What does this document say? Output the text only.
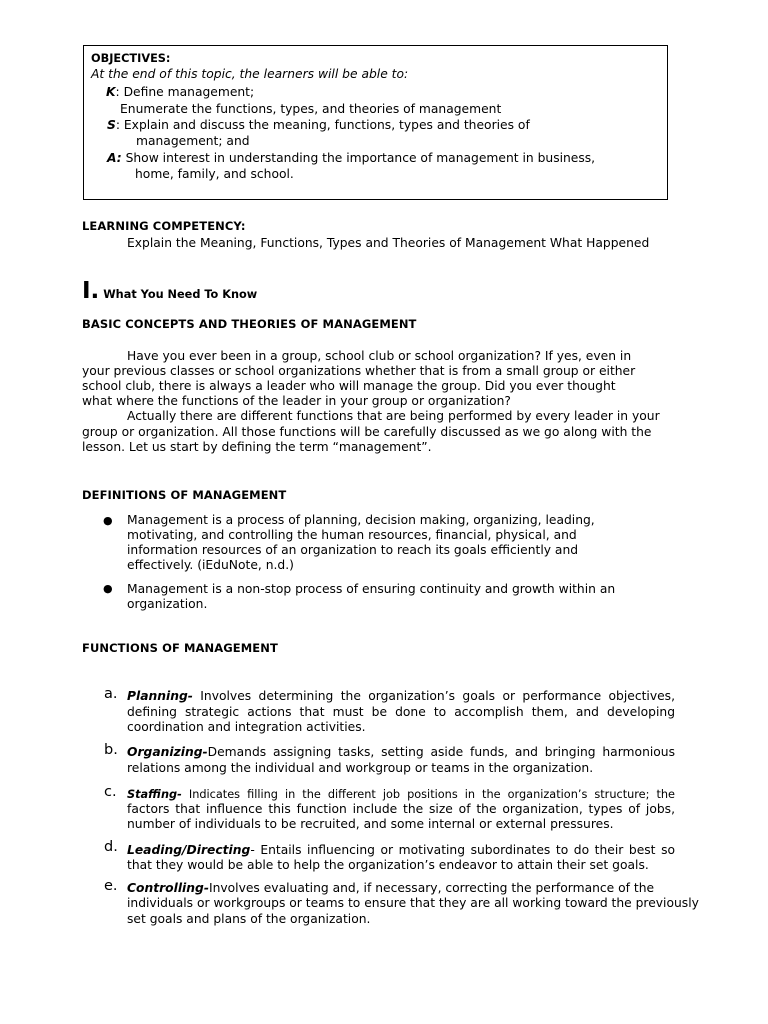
OBJECTIVES:
At the end of this topic, the learners will be able to:
K: Define management;
Enumerate the functions, types, and theories of management
S: Explain and discuss the meaning, functions, types and theories of
management; and
A: Show interest in understanding the importance of management in business,
home, family, and school.
LEARNING COMPETENCY:
Explain the Meaning, Functions, Types and Theories of Management What Happened
I. What You Need To Know
BASIC CONCEPTS AND THEORIES OF MANAGEMENT
Have you ever been in a group, school club or school organization? If yes, even in
your previous classes or school organizations whether that is from a small group or either
school club, there is always a leader who will manage the group. Did you ever thought
what where the functions of the leader in your group or organization?
Actually there are different functions that are being performed by every leader in your
group or organization. All those functions will be carefully discussed as we go along with the
lesson. Let us start by defining the term “management”.
DEFINITIONS OF MANAGEMENT
● Management is a process of planning, decision making, organizing, leading,
motivating, and controlling the human resources, financial, physical, and
information resources of an organization to reach its goals efficiently and
effectively. (iEduNote, n.d.)
● Management is a non-stop process of ensuring continuity and growth within an
organization.
FUNCTIONS OF MANAGEMENT
a. Planning- Involves determining the organization’s goals or performance objectives,
defining strategic actions that must be done to accomplish them, and developing
coordination and integration activities.
b. Organizing-Demands assigning tasks, setting aside funds, and bringing harmonious
relations among the individual and workgroup or teams in the organization.
c. Staffing- Indicates filling in the different job positions in the organization’s structure; the
factors that influence this function include the size of the organization, types of jobs,
number of individuals to be recruited, and some internal or external pressures.
d. Leading/Directing- Entails influencing or motivating subordinates to do their best so
that they would be able to help the organization’s endeavor to attain their set goals.
e. Controlling-Involves evaluating and, if necessary, correcting the performance of the
individuals or workgroups or teams to ensure that they are all working toward the previously
set goals and plans of the organization.
